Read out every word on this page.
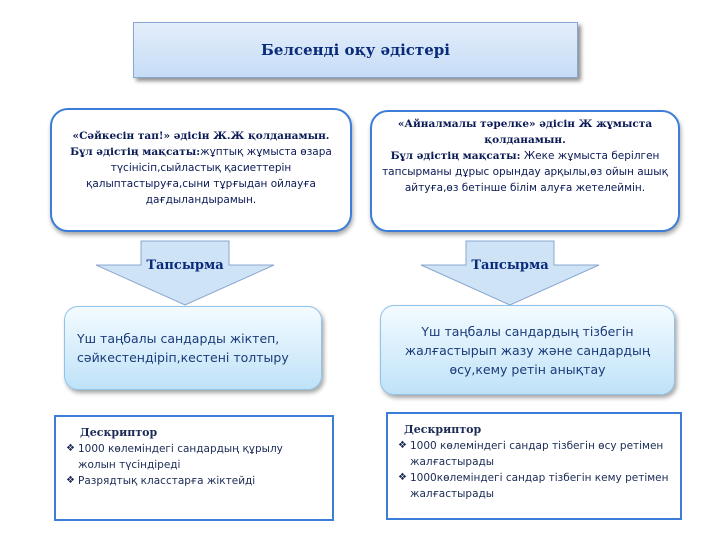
Белсенді оқу әдістері
«Сәйкесін тап!» әдісін Ж.Ж қолданамын.
Бұл әдістің мақсаты:жұптық жұмыста өзара түсінісіп,сыйластық қасиеттерін қалыптастыруға,сыни тұрғыдан ойлауға дағдыландырамын.
«Айналмалы тәрелке» әдісін Ж жұмыста қолданамын.
Бұл әдістің мақсаты: Жеке жұмыста берілген тапсырманы дұрыс орындау арқылы,өз ойын ашық айтуға,өз бетінше білім алуға жетелеймін.
Тапсырма	Тапсырма
Үш таңбалы сандарды жіктеп, сәйкестендіріп,кестені толтыру
Үш таңбалы сандардың тізбегін жалғастырып жазу және сандардың өсу,кему ретін анықтау
Дескриптор
❖ 1000 көлеміндегі сандардың құрылу жолын түсіндіреді
❖ Разрядтық класстарға жіктейді
Дескриптор
❖ 1000 көлеміндегі сандар тізбегін өсу ретімен жалғастырады
❖ 1000көлеміндегі сандар тізбегін кему ретімен жалғастырады
